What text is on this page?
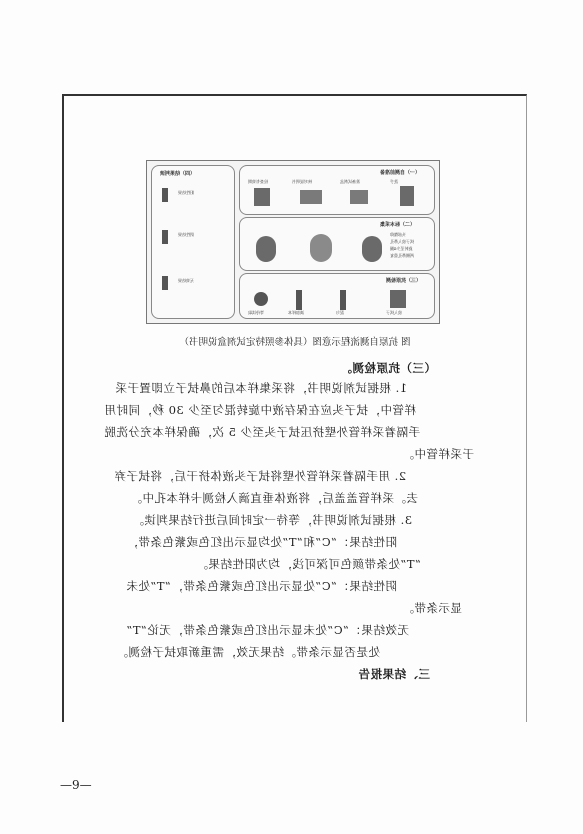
（四）结果判读
阳性结果
阴性结果
无效结果
（一）自测前准备
洗手
准备试剂盒
核对说明书
检查有效期
（二）标本采集
头部微仰
拭子放入鼻孔
旋转至少4圈
两侧鼻孔重复
（三）抗原检测
等待读取	滴加样本	混匀	放入拭子
图 抗原自测流程示意图（具体参照特定试剂盒说明书）
（三）抗原检测。
1. 根据试剂说明书，将采集样本后的鼻拭子立即置于采
样管中，拭子头应在保存液中旋转混匀至少 30 秒，同时用
手隔着采样管外壁挤压拭子头至少 5 次，确保样本充分洗脱
于采样管中。
2. 用手隔着采样管外壁将拭子头液体挤干后，将拭子弃
去。采样管盖盖后，将液体垂直滴入检测卡样本孔中。
3. 根据试剂说明书，等待一定时间后进行结果判读。
阳性结果：“C”和“T”处均显示出红色或紫色条带，
“T”处条带颜色可深可浅，均为阳性结果。
阴性结果：“C”处显示出红色或紫色条带，“T”处未
显示条带。
无效结果：“C”处未显示出红色或紫色条带，无论“T”
处是否显示条带。结果无效，需重新取拭子检测。
三、结果报告
—9—
